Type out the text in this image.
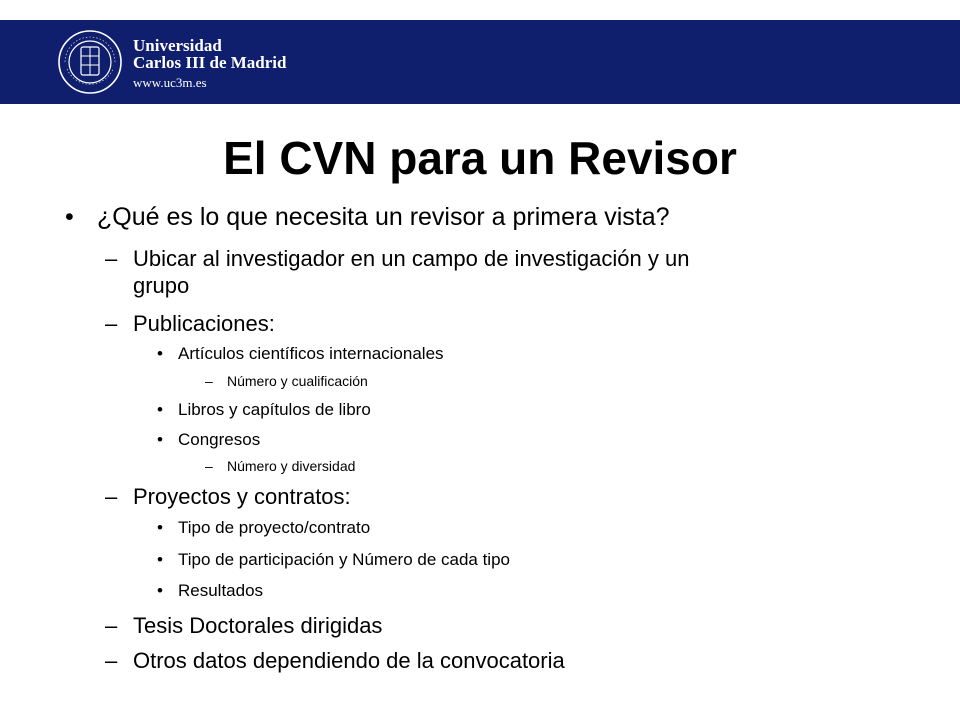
Universidad
Carlos III de Madrid
www.uc3m.es
El CVN para un Revisor
• ¿Qué es lo que necesita un revisor a primera vista?
– Ubicar al investigador en un campo de investigación y un
grupo
– Publicaciones:
• Artículos científicos internacionales
– Número y cualificación
• Libros y capítulos de libro
• Congresos
– Número y diversidad
– Proyectos y contratos:
• Tipo de proyecto/contrato
• Tipo de participación y Número de cada tipo
• Resultados
– Tesis Doctorales dirigidas
– Otros datos dependiendo de la convocatoria
